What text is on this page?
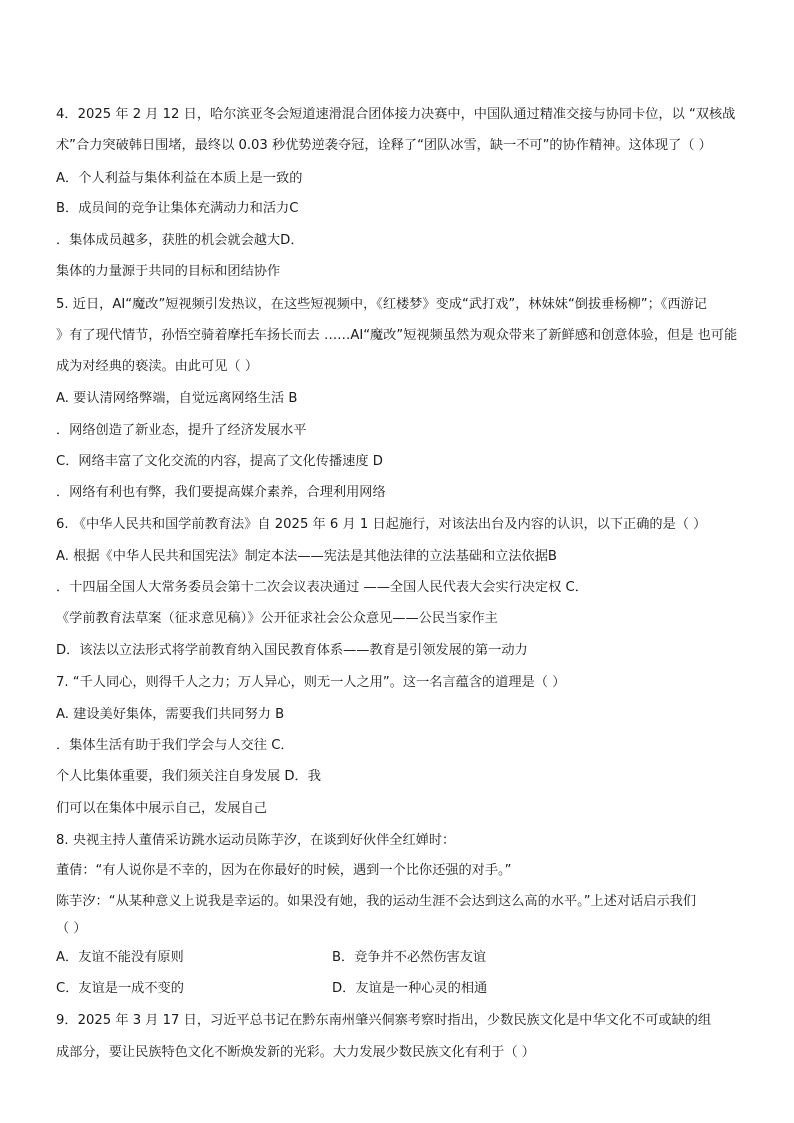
4．2025 年 2 月 12 日，哈尔滨亚冬会短道速滑混合团体接力决赛中，中国队通过精准交接与协同卡位，以 “双核战
术”合力突破韩日围堵，最终以 0.03 秒优势逆袭夺冠，诠释了“团队冰雪，缺一不可”的协作精神。这体现了（ ）
A．个人利益与集体利益在本质上是一致的
B．成员间的竞争让集体充满动力和活力C
．集体成员越多，获胜的机会就会越大D．
集体的力量源于共同的目标和团结协作
5. 近日，AI“魔改”短视频引发热议，在这些短视频中，《红楼梦》变成“武打戏”，林妹妹“倒拔垂杨柳”；《西游记
》有了现代情节，孙悟空骑着摩托车扬长而去 ……AI“魔改”短视频虽然为观众带来了新鲜感和创意体验，但是 也可能
成为对经典的亵渎。由此可见（ ）
A. 要认清网络弊端，自觉远离网络生活 B
．网络创造了新业态，提升了经济发展水平
C．网络丰富了文化交流的内容，提高了文化传播速度 D
．网络有利也有弊，我们要提高媒介素养，合理利用网络
6. 《中华人民共和国学前教育法》自 2025 年 6 月 1 日起施行，对该法出台及内容的认识，以下正确的是（ ）
A. 根据《中华人民共和国宪法》制定本法——宪法是其他法律的立法基础和立法依据B
．十四届全国人大常务委员会第十二次会议表决通过 ——全国人民代表大会实行决定权 C．
《学前教育法草案（征求意见稿）》公开征求社会公众意见——公民当家作主
D．该法以立法形式将学前教育纳入国民教育体系——教育是引领发展的第一动力
7. “千人同心，则得千人之力；万人异心，则无一人之用”。这一名言蕴含的道理是（ ）
A. 建设美好集体，需要我们共同努力 B
．集体生活有助于我们学会与人交往 C．
个人比集体重要，我们须关注自身发展 D．我
们可以在集体中展示自己，发展自己
8. 央视主持人董倩采访跳水运动员陈芋汐，在谈到好伙伴全红婵时：
董倩：“有人说你是不幸的，因为在你最好的时候，遇到一个比你还强的对手。”
陈芋汐：“从某种意义上说我是幸运的。如果没有她，我的运动生涯不会达到这么高的水平。”上述对话启示我们
（ ）
A．友谊不能没有原则	B．竞争并不必然伤害友谊
C．友谊是一成不变的	D．友谊是一种心灵的相通
9．2025 年 3 月 17 日，习近平总书记在黔东南州肇兴侗寨考察时指出，少数民族文化是中华文化不可或缺的组
成部分，要让民族特色文化不断焕发新的光彩。大力发展少数民族文化有利于（ ）
